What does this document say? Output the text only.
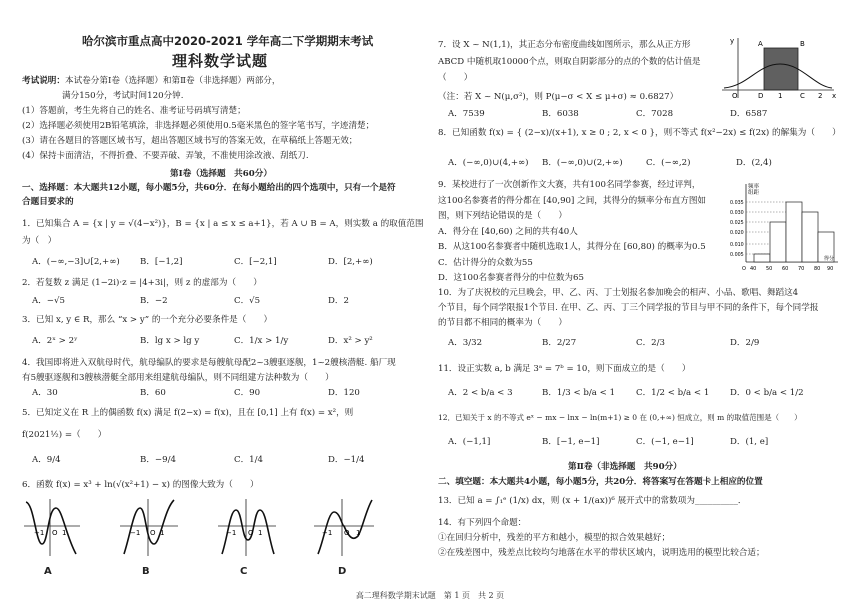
哈尔滨市重点高中2020-2021 学年高二下学期期末考试
理科数学试题
考试说明：本试卷分第Ⅰ卷（选择题）和第Ⅱ卷（非选择题）两部分，
满分150分，考试时间120分钟.
(1）答题前，考生先将自己的姓名、准考证号码填写清楚；
(2）选择题必须使用2B铅笔填涂，非选择题必须使用0.5毫米黑色的签字笔书写，字迹清楚；
(3）请在各题目的答题区域书写，超出答题区域书写的答案无效，在草稿纸上答题无效；
(4）保持卡面清洁，不得折叠、不要弄破、弄皱，不准使用涂改液、刮纸刀.
第Ⅰ卷（选择题　共60分）
一、选择题：本大题共12小题，每小题5分，共60分．在每小题给出的四个选项中，只有一个是符
合题目要求的
1．已知集合 A = {x | y = √(4−x²)}，B = {x | a ≤ x ≤ a+1}，若 A ∪ B = A，则实数 a 的取值范围
为（　）
A．(−∞,−3]∪[2,+∞) B．[−1,2]	C．[−2,1]	D．[2,+∞)
2．若复数 z 满足 (1−2i)·z = |4+3i|，则 z 的虚部为（　　）
A．−√5	B．−2	C．√5	D．2
3．已知 x, y ∈ R，那么 “x > y” 的一个充分必要条件是（　　）
A．2ˣ > 2ʸ	B．lg x > lg y	C．1/x > 1/y	D．x² > y²
4．我国即将进入双航母时代，航母编队的要求是每艘航母配2~3艘驱逐舰，1~2艘核潜艇. 船厂现
有5艘驱逐舰和3艘核潜艇全部用来组建航母编队，则不同组建方法种数为（　　）
A．30	B．60	C．90	D．120
5．已知定义在 R 上的偶函数 f(x) 满足 f(2−x) = f(x)，且在 [0,1] 上有 f(x) = x²，则
f(2021½) =（　　）
A．9/4	B．−9/4	C．1/4	D．−1/4
6．函数 f(x) = x³ + ln(√(x²+1) − x) 的图像大致为（　　）
O
−1	1	O
−1	1	O
−1	1	O
−1	1
A	B	C	D
7．设 X ~ N(1,1)，其正态分布密度曲线如图所示，那么从正方形
ABCD 中随机取10000个点，则取自阴影部分的点的个数的估计值是
（　　）
（注：若 X ~ N(μ,σ²)，则 P(μ−σ < X ≤ μ+σ) ≈ 0.6827）
A．7539	B．6038	C．7028	D．6587
x
y
O
A	B
C
D 1	2
8．已知函数 f(x) = { (2−x)/(x+1), x ≥ 0 ; 2, x < 0 }，则不等式 f(x²−2x) ≤ f(2x) 的解集为（　　）
A．(−∞,0)∪(4,+∞) B．(−∞,0)∪(2,+∞)	C．(−∞,2)	D．(2,4)
9．某校进行了一次创新作文大赛，共有100名同学参赛，经过评判，
这100名参赛者的得分都在 [40,90] 之间，其得分的频率分布直方图如
图，则下列结论错误的是（　　）
A．得分在 [40,60) 之间的共有40人
B．从这100名参赛者中随机选取1人，其得分在 [60,80) 的概率为0.5
C．估计得分的众数为55
D．这100名参赛者得分的中位数为65
频率
组距
0.035
0.030
0.025
0.020
0.010
0.005
O 40 50 60 70 80 90
得分
10．为了庆祝校的元旦晚会，甲、乙、丙、丁士划报名参加晚会的相声、小品、歌唱、舞蹈这4
个节目，每个同学限报1个节目. 在甲、乙、丙、丁三个同学报的节目与甲不同的条件下，每个同学报
的节目都不相同的概率为（　　）
A．3/32	B．2/27	C．2/3	D．2/9
11．设正实数 a, b 满足 3ᵃ = 7ᵇ = 10，则下面成立的是（　　）
A．2 < b/a < 3	B．1/3 < b/a < 1 C．1/2 < b/a < 1 D．0 < b/a < 1/2
12．已知关于 x 的不等式 eˣ − mx − lnx − ln(m+1) ≥ 0 在 (0,+∞) 恒成立，则 m 的取值范围是（　　）
A．(−1,1]	B．[−1, e−1]	C．(−1, e−1]	D．(1, e]
第Ⅱ卷（非选择题　共90分）
二、填空题：本大题共4小题，每小题5分，共20分．将答案写在答题卡上相应的位置
13．已知 a = ∫₁ᵉ (1/x) dx，则 (x + 1/(ax))⁶ 展开式中的常数项为__________．
14．有下列四个命题：
①在回归分析中，残差的平方和越小，模型的拟合效果越好；
②在残差图中，残差点比较均匀地落在水平的带状区域内，说明选用的模型比较合适；
高二理科数学期末试题　第 1 页　共 2 页
